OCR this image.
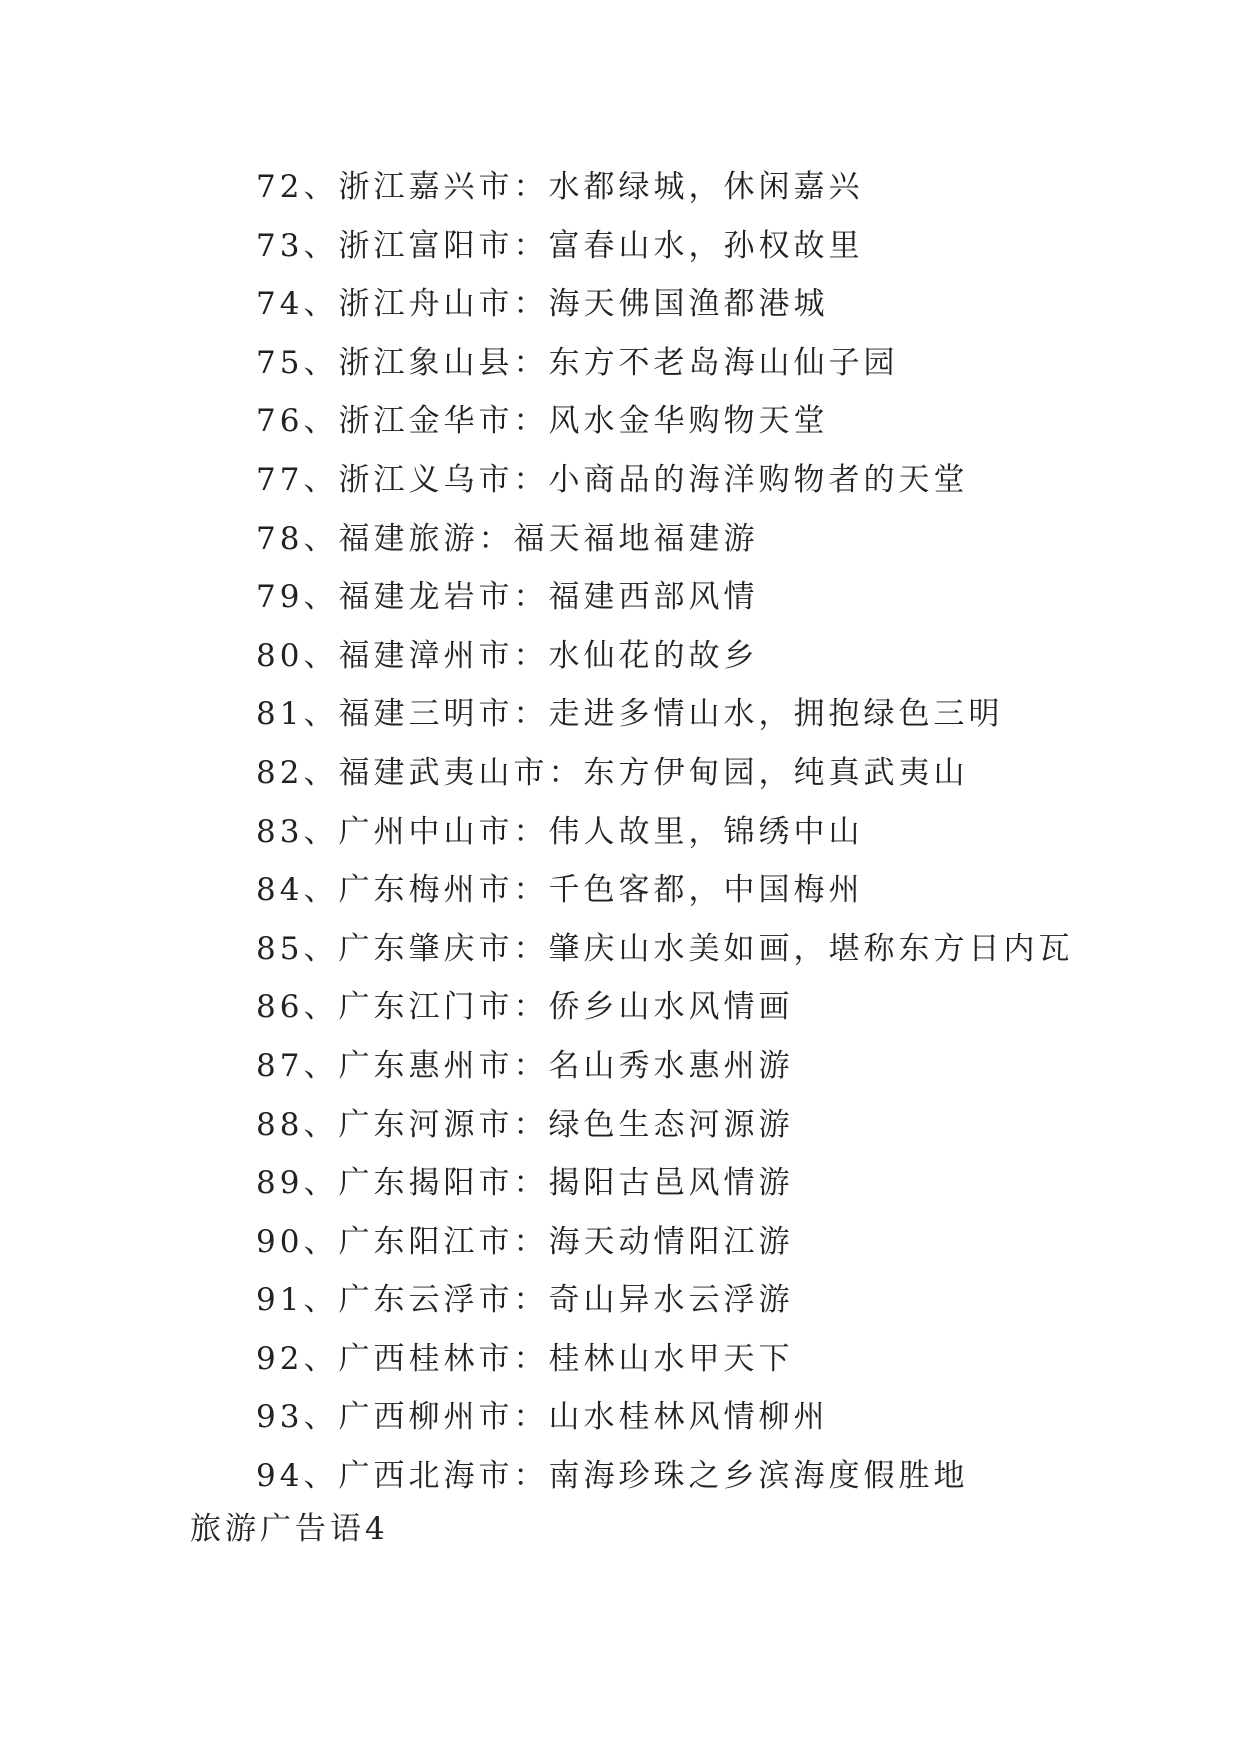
72、浙江嘉兴市：水都绿城，休闲嘉兴
73、浙江富阳市：富春山水，孙权故里
74、浙江舟山市：海天佛国渔都港城
75、浙江象山县：东方不老岛海山仙子园
76、浙江金华市：风水金华购物天堂
77、浙江义乌市：小商品的海洋购物者的天堂
78、福建旅游：福天福地福建游
79、福建龙岩市：福建西部风情
80、福建漳州市：水仙花的故乡
81、福建三明市：走进多情山水，拥抱绿色三明
82、福建武夷山市：东方伊甸园，纯真武夷山
83、广州中山市：伟人故里，锦绣中山
84、广东梅州市：千色客都，中国梅州
85、广东肇庆市：肇庆山水美如画，堪称东方日内瓦
86、广东江门市：侨乡山水风情画
87、广东惠州市：名山秀水惠州游
88、广东河源市：绿色生态河源游
89、广东揭阳市：揭阳古邑风情游
90、广东阳江市：海天动情阳江游
91、广东云浮市：奇山异水云浮游
92、广西桂林市：桂林山水甲天下
93、广西柳州市：山水桂林风情柳州
94、广西北海市：南海珍珠之乡滨海度假胜地
旅游广告语4
